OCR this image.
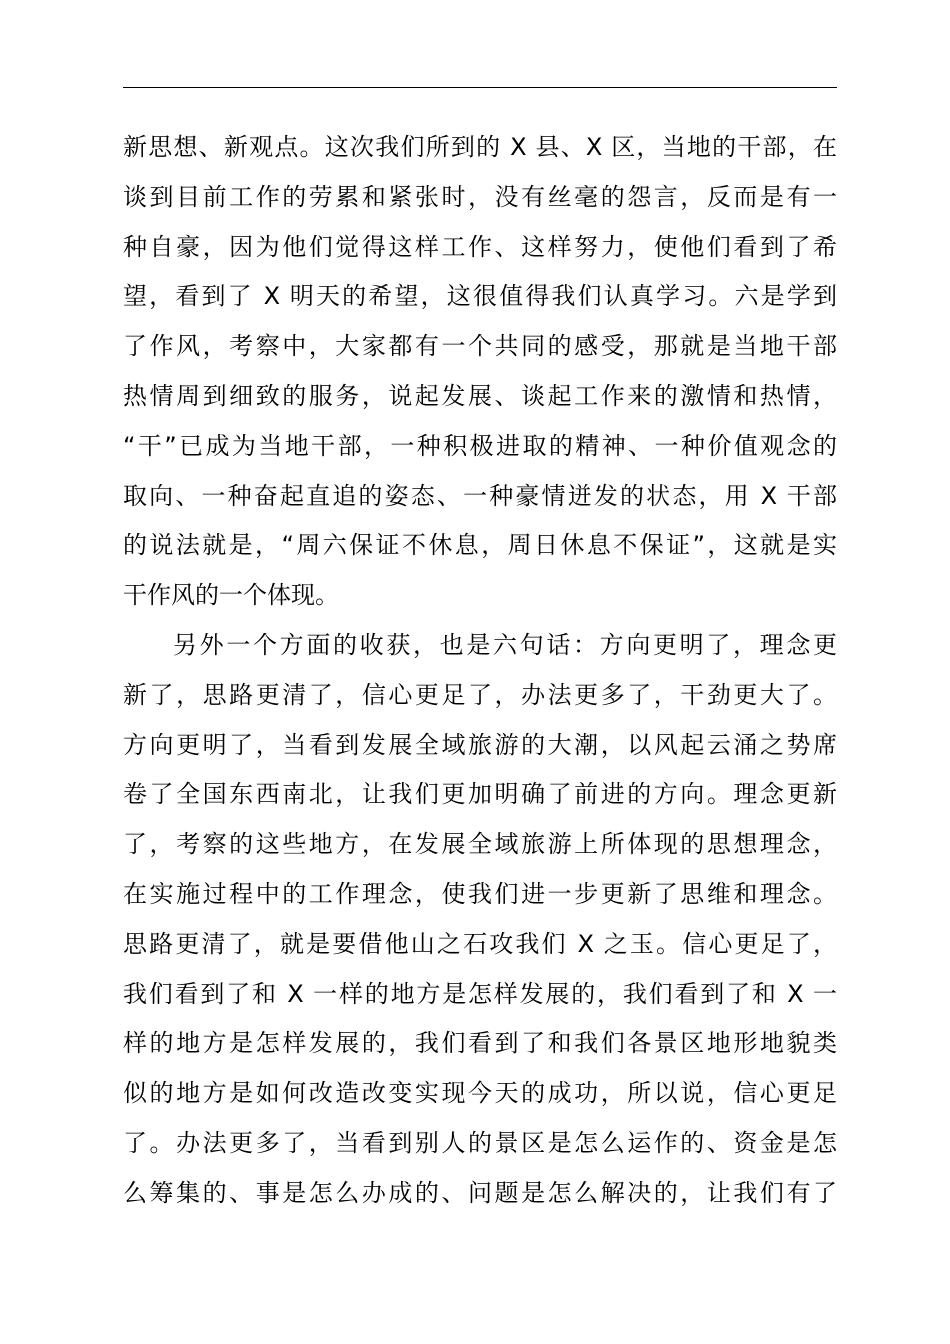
新思想、新观点。这次我们所到的 X 县、X 区，当地的干部，在
谈到目前工作的劳累和紧张时，没有丝毫的怨言，反而是有一
种自豪，因为他们觉得这样工作、这样努力，使他们看到了希
望，看到了 X 明天的希望，这很值得我们认真学习。六是学到
了作风，考察中，大家都有一个共同的感受，那就是当地干部
热情周到细致的服务，说起发展、谈起工作来的激情和热情，
“干”已成为当地干部，一种积极进取的精神、一种价值观念的
取向、一种奋起直追的姿态、一种豪情迸发的状态，用 X 干部
的说法就是，“周六保证不休息，周日休息不保证”，这就是实
干作风的一个体现。
另外一个方面的收获，也是六句话：方向更明了，理念更
新了，思路更清了，信心更足了，办法更多了，干劲更大了。
方向更明了，当看到发展全域旅游的大潮，以风起云涌之势席
卷了全国东西南北，让我们更加明确了前进的方向。理念更新
了，考察的这些地方，在发展全域旅游上所体现的思想理念，
在实施过程中的工作理念，使我们进一步更新了思维和理念。
思路更清了，就是要借他山之石攻我们 X 之玉。信心更足了，
我们看到了和 X 一样的地方是怎样发展的，我们看到了和 X 一
样的地方是怎样发展的，我们看到了和我们各景区地形地貌类
似的地方是如何改造改变实现今天的成功，所以说，信心更足
了。办法更多了，当看到别人的景区是怎么运作的、资金是怎
么筹集的、事是怎么办成的、问题是怎么解决的，让我们有了
